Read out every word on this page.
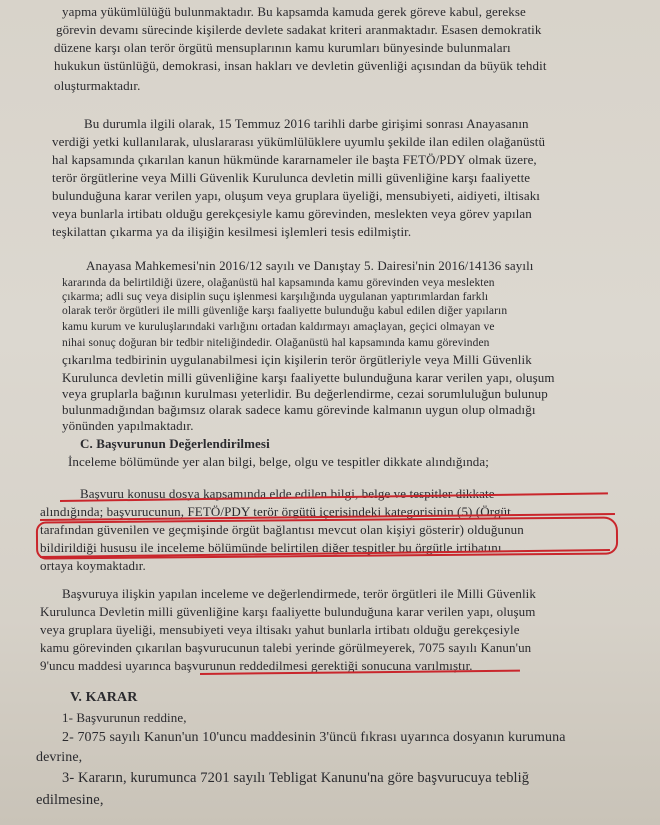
yapma yükümlülüğü bulunmaktadır. Bu kapsamda kamuda gerek göreve kabul, gerekse
görevin devamı sürecinde kişilerde devlete sadakat kriteri aranmaktadır. Esasen demokratik
düzene karşı olan terör örgütü mensuplarının kamu kurumları bünyesinde bulunmaları
hukukun üstünlüğü, demokrasi, insan hakları ve devletin güvenliği açısından da büyük tehdit
oluşturmaktadır.
Bu durumla ilgili olarak, 15 Temmuz 2016 tarihli darbe girişimi sonrası Anayasanın
verdiği yetki kullanılarak, uluslararası yükümlülüklere uyumlu şekilde ilan edilen olağanüstü
hal kapsamında çıkarılan kanun hükmünde kararnameler ile başta FETÖ/PDY olmak üzere,
terör örgütlerine veya Milli Güvenlik Kurulunca devletin milli güvenliğine karşı faaliyette
bulunduğuna karar verilen yapı, oluşum veya gruplara üyeliği, mensubiyeti, aidiyeti, iltisakı
veya bunlarla irtibatı olduğu gerekçesiyle kamu görevinden, meslekten veya görev yapılan
teşkilattan çıkarma ya da ilişiğin kesilmesi işlemleri tesis edilmiştir.
Anayasa Mahkemesi'nin 2016/12 sayılı ve Danıştay 5. Dairesi'nin 2016/14136 sayılı
kararında da belirtildiği üzere, olağanüstü hal kapsamında kamu görevinden veya meslekten
çıkarma; adli suç veya disiplin suçu işlenmesi karşılığında uygulanan yaptırımlardan farklı
olarak terör örgütleri ile milli güvenliğe karşı faaliyette bulunduğu kabul edilen diğer yapıların
kamu kurum ve kuruluşlarındaki varlığını ortadan kaldırmayı amaçlayan, geçici olmayan ve
nihai sonuç doğuran bir tedbir niteliğindedir. Olağanüstü hal kapsamında kamu görevinden
çıkarılma tedbirinin uygulanabilmesi için kişilerin terör örgütleriyle veya Milli Güvenlik
Kurulunca devletin milli güvenliğine karşı faaliyette bulunduğuna karar verilen yapı, oluşum
veya gruplarla bağının kurulması yeterlidir. Bu değerlendirme, cezai sorumluluğun bulunup
bulunmadığından bağımsız olarak sadece kamu görevinde kalmanın uygun olup olmadığı
yönünden yapılmaktadır.
C. Başvurunun Değerlendirilmesi
İnceleme bölümünde yer alan bilgi, belge, olgu ve tespitler dikkate alındığında;
Başvuru konusu dosya kapsamında elde edilen bilgi, belge ve tespitler dikkate
alındığında; başvurucunun, FETÖ/PDY terör örgütü içerisindeki kategorisinin (5) (Örgüt
tarafından güvenilen ve geçmişinde örgüt bağlantısı mevcut olan kişiyi gösterir) olduğunun
bildirildiği hususu ile inceleme bölümünde belirtilen diğer tespitler bu örgütle irtibatını
ortaya koymaktadır.
Başvuruya ilişkin yapılan inceleme ve değerlendirmede, terör örgütleri ile Milli Güvenlik
Kurulunca Devletin milli güvenliğine karşı faaliyette bulunduğuna karar verilen yapı, oluşum
veya gruplara üyeliği, mensubiyeti veya iltisakı yahut bunlarla irtibatı olduğu gerekçesiyle
kamu görevinden çıkarılan başvurucunun talebi yerinde görülmeyerek, 7075 sayılı Kanun'un
9'uncu maddesi uyarınca başvurunun reddedilmesi gerektiği sonucuna varılmıştır.
V. KARAR
1- Başvurunun reddine,
2- 7075 sayılı Kanun'un 10'uncu maddesinin 3'üncü fıkrası uyarınca dosyanın kurumuna
devrine,
3- Kararın, kurumunca 7201 sayılı Tebligat Kanunu'na göre başvurucuya tebliğ
edilmesine,
